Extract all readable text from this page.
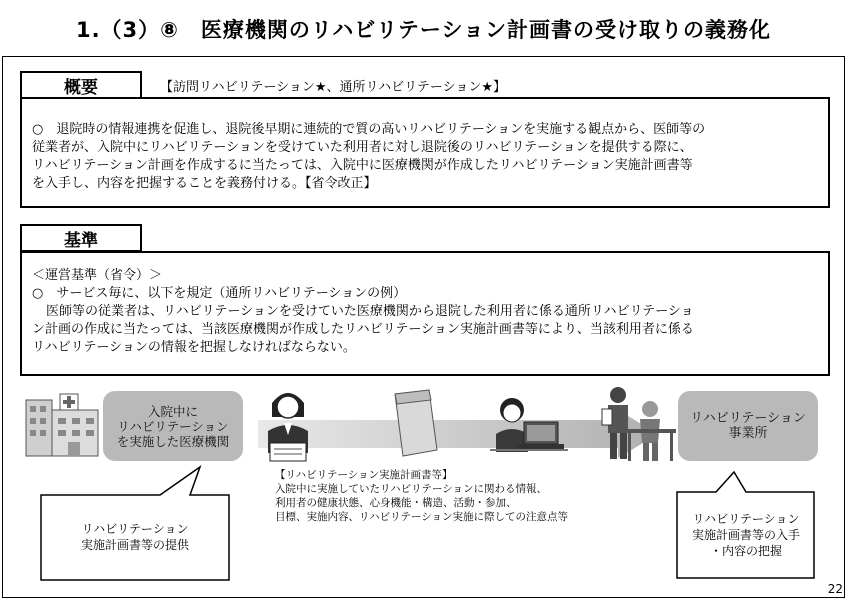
1.（3）⑧　医療機関のリハビリテーション計画書の受け取りの義務化

○　退院時の情報連携を促進し、退院後早期に連続的で質の高いリハビリテーションを実施する観点から、医師等の

従業者が、入院中にリハビリテーションを受けていた利用者に対し退院後のリハビリテーションを提供する際に、

リハビリテーション計画を作成するに当たっては、入院中に医療機関が作成したリハビリテーション実施計画書等

を入手し、内容を把握することを義務付ける。【省令改正】

概要	【訪問リハビリテーション★、通所リハビリテーション★】

＜運営基準（省令）＞

○　サービス毎に、以下を規定（通所リハビリテーションの例）

医師等の従業者は、リハビリテーションを受けていた医療機関から退院した利用者に係る通所リハビリテーショ

ン計画の作成に当たっては、当該医療機関が作成したリハビリテーション実施計画書等により、当該利用者に係る

リハビリテーションの情報を把握しなければならない。

基準
入院中に
リハビリテーション
を実施した医療機関
リハビリテーション
事業所

【リハビリテーション実施計画書等】

入院中に実施していたリハビリテーションに関わる情報、

利用者の健康状態、心身機能・構造、活動・参加、

目標、実施内容、リハビリテーション実施に際しての注意点等

リハビリテーション
実施計画書等の提供
リハビリテーション
実施計画書等の入手
・内容の把握
22
